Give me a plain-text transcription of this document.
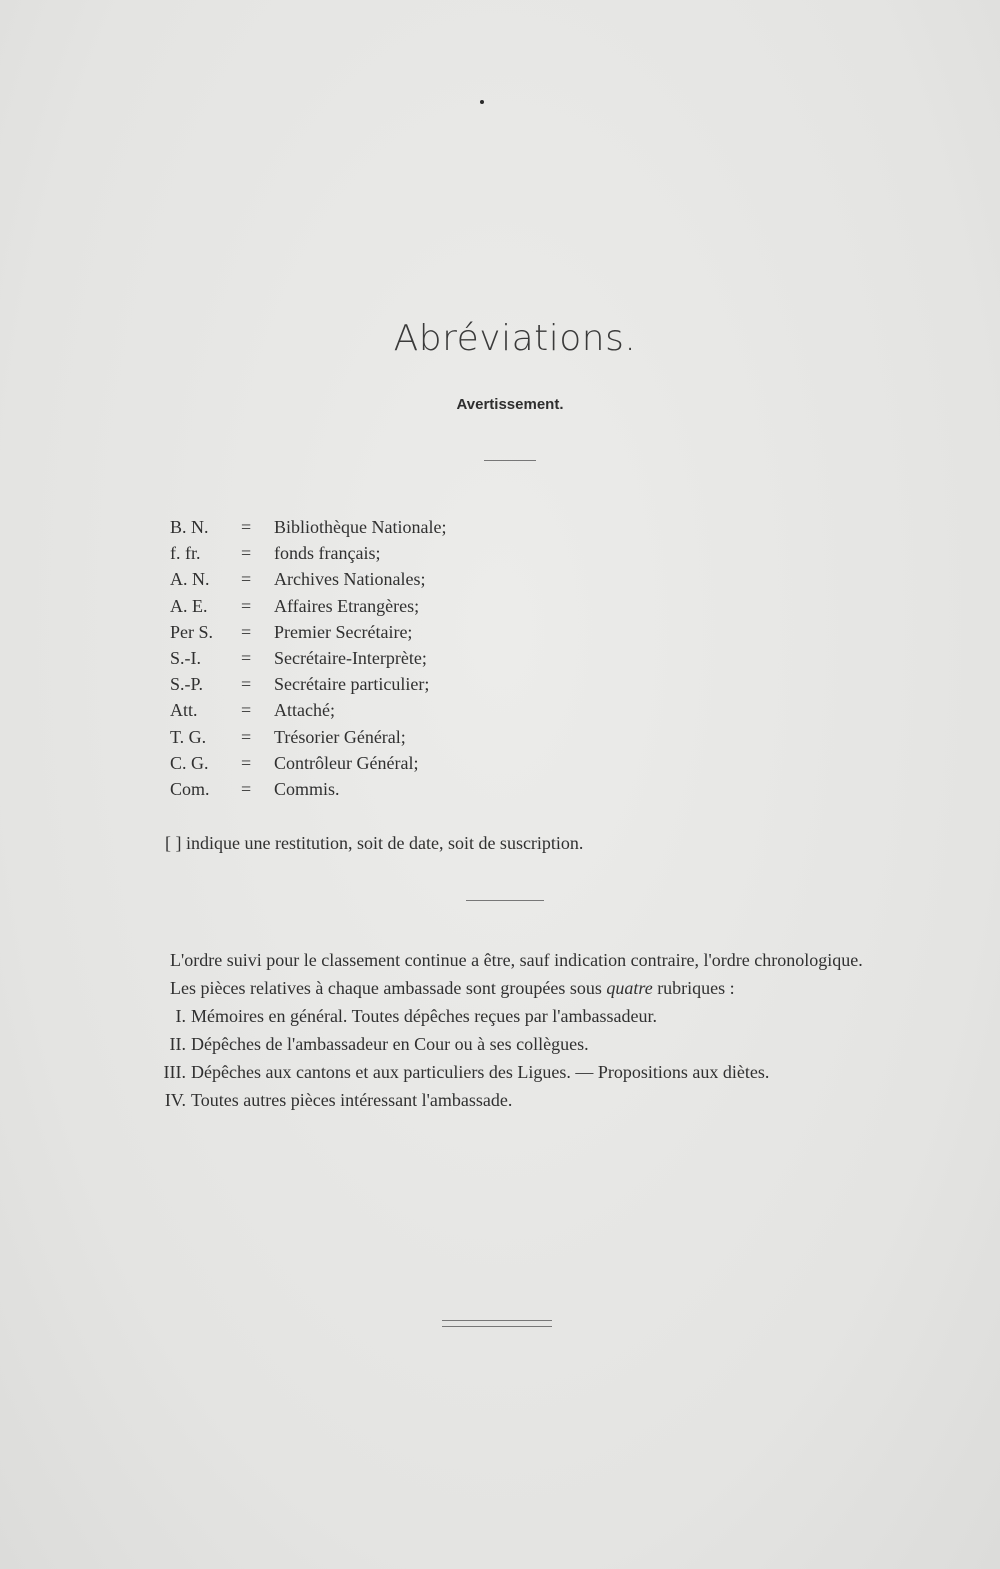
Abréviations.
Avertissement.
B. N. = Bibliothèque Nationale;
f. fr. = fonds français;
A. N. = Archives Nationales;
A. E. = Affaires Etrangères;
Per S. = Premier Secrétaire;
S.-I. = Secrétaire-Interprète;
S.-P. = Secrétaire particulier;
Att. = Attaché;
T. G. = Trésorier Général;
C. G. = Contrôleur Général;
Com. = Commis.
[ ] indique une restitution, soit de date, soit de suscription.

L'ordre suivi pour le classement continue a être, sauf indication contraire, l'ordre chronologique.

Les pièces relatives à chaque ambassade sont groupées sous quatre rubriques :

I. Mémoires en général. Toutes dépêches reçues par l'ambassadeur.
II. Dépêches de l'ambassadeur en Cour ou à ses collègues.
III. Dépêches aux cantons et aux particuliers des Ligues. — Propositions aux diètes.
IV. Toutes autres pièces intéressant l'ambassade.
